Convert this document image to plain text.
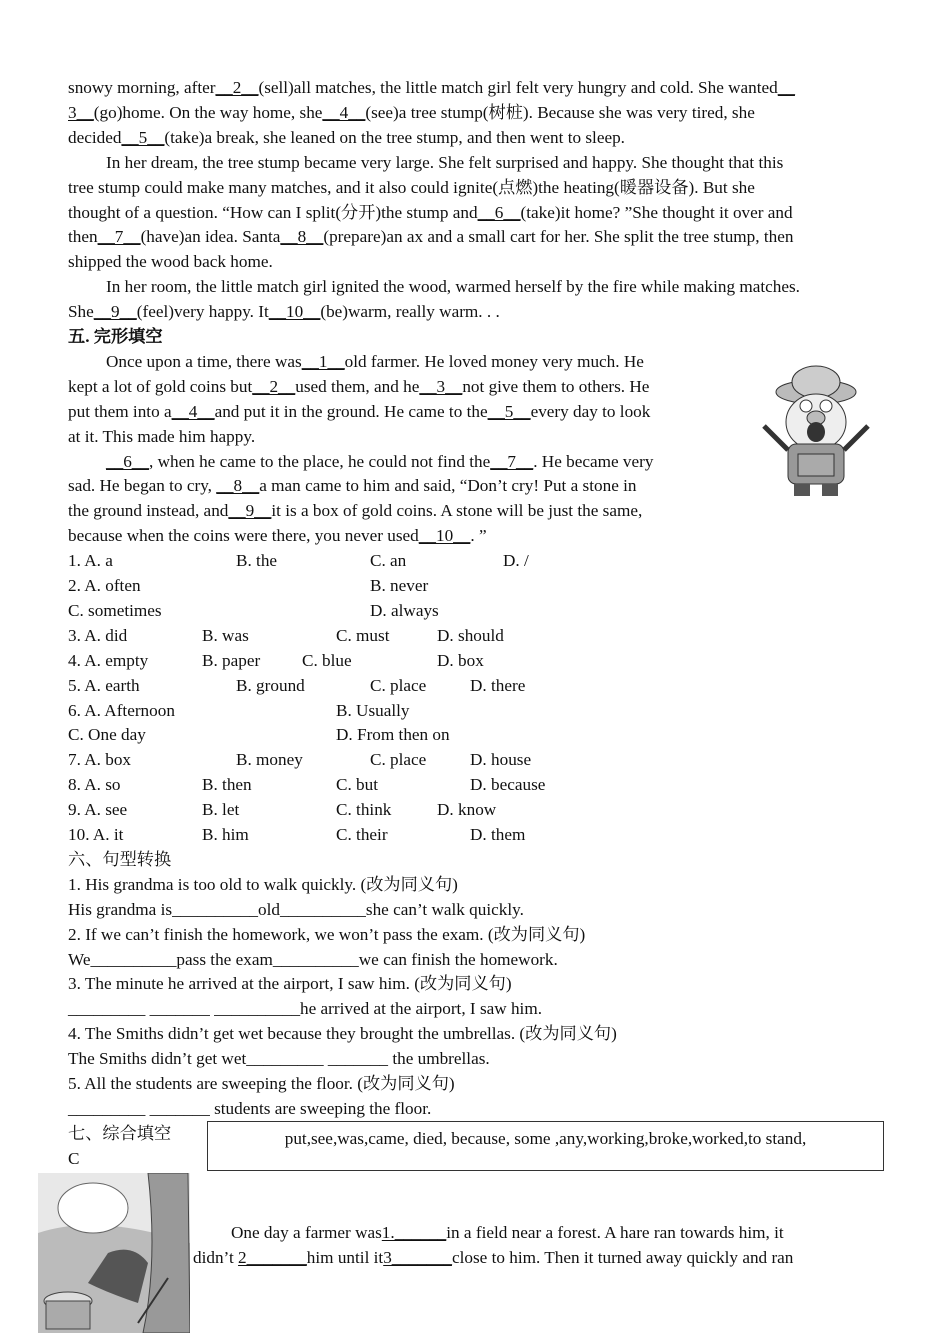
snowy morning, after__2__(sell)all matches, the little match girl felt very hungry and cold. She wanted__
3__(go)home. On the way home, she__4__(see)a tree stump(树桩). Because she was very tired, she
decided__5__(take)a break, she leaned on the tree stump, and then went to sleep.
In her dream, the tree stump became very large. She felt surprised and happy. She thought that this
tree stump could make many matches, and it also could ignite(点燃)the heating(暖器设备). But she
thought of a question. “How can I split(分开)the stump and__6__(take)it home? ”She thought it over and
then__7__(have)an idea. Santa__8__(prepare)an ax and a small cart for her. She split the tree stump, then
shipped the wood back home.
In her room, the little match girl ignited the wood, warmed herself by the fire while making matches.
She__9__(feel)very happy. It__10__(be)warm, really warm. . .
五. 完形填空
Once upon a time, there was__1__old farmer. He loved money very much. He
kept a lot of gold coins but__2__used them, and he__3__not give them to others. He
put them into a__4__and put it in the ground. He came to the__5__every day to look
at it. This made him happy.
__6__, when he came to the place, he could not find the__7__. He became very
sad. He began to cry, __8__a man came to him and said, “Don’t cry! Put a stone in
the ground instead, and__9__it is a box of gold coins. A stone will be just the same,
because when the coins were there, you never used__10__. ”
1. A. a	B. the	C. an	D. /
2. A. often	B. never
C. sometimes	D. always
3. A. did	B. was	C. must	D. should
4. A. empty	B. paper C. blue	D. box
5. A. earth	B. ground	C. place	D. there
6. A. Afternoon	B. Usually
C. One day	D. From then on
7. A. box	B. money	C. place	D. house
8. A. so	B. then	C. but	D. because
9. A. see	B. let	C. think	D. know
10. A. it	B. him	C. their	D. them
六、句型转换
1. His grandma is too old to walk quickly. (改为同义句)
His grandma is__________old__________she can’t walk quickly.
2. If we can’t finish the homework, we won’t pass the exam. (改为同义句)
We__________pass the exam__________we can finish the homework.
3. The minute he arrived at the airport, I saw him. (改为同义句)
_________ _______ __________he arrived at the airport, I saw him.
4. The Smiths didn’t get wet because they brought the umbrellas. (改为同义句)
The Smiths didn’t get wet_________ _______ the umbrellas.
5. All the students are sweeping the floor. (改为同义句)
_________ _______ students are sweeping the floor.
七、综合填空
C
One day a farmer was1.______in a field near a forest. A hare ran towards him, it
didn’t 2_______him until it3_______close to him. Then it turned away quickly and ran
put,see,was,came, died, because, some ,any,working,broke,worked,to stand,
